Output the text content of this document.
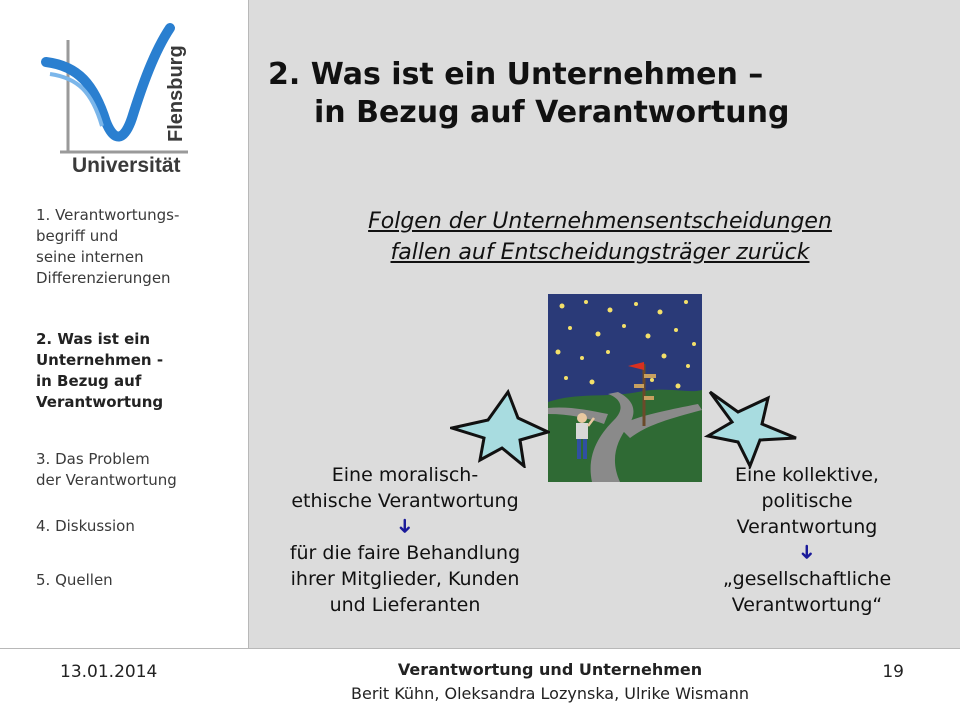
Flensburg
Universität
1. Verantwortungs-
begriff und
seine internen
Differenzierungen
2. Was ist ein
Unternehmen -
in Bezug auf
Verantwortung
3. Das Problem
der Verantwortung
4. Diskussion
5. Quellen
2. Was ist ein Unternehmen –
in Bezug auf Verantwortung
Folgen der Unternehmensentscheidungen
fallen auf Entscheidungsträger zurück
Eine moralisch-
ethische Verantwortung
➜
für die faire Behandlung
ihrer Mitglieder, Kunden
und Lieferanten
Eine kollektive,
politische
Verantwortung
➜
„gesellschaftliche
Verantwortung“
13.01.2014	Verantwortung und Unternehmen
Berit Kühn, Oleksandra Lozynska, Ulrike Wismann
19
